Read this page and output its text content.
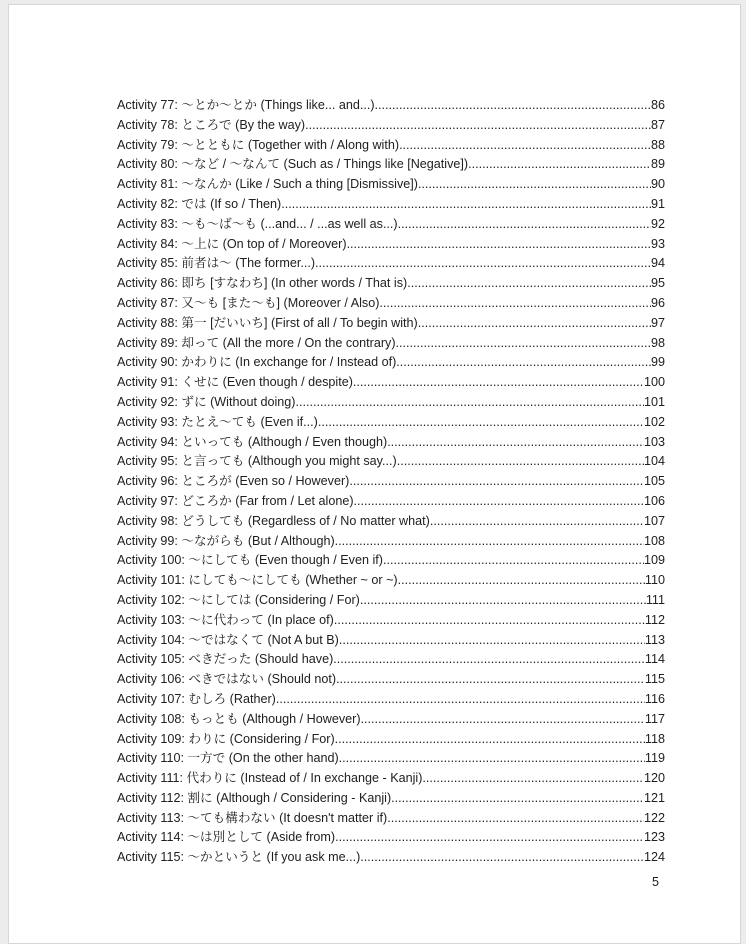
Activity 77: ～とか～とか (Things like... and...) .....	86
Activity 78: ところで (By the way) .....	87
Activity 79: ～とともに (Together with / Along with) .....	88
Activity 80: ～など / ～なんて (Such as / Things like [Negative]) .....	89
Activity 81: ～なんか (Like / Such a thing [Dismissive]) .....	90
Activity 82: では (If so / Then) .....	91
Activity 83: ～も～ば～も (...and... / ...as well as...) .....	92
Activity 84: ～上に (On top of / Moreover) .....	93
Activity 85: 前者は～ (The former...) .....	94
Activity 86: 即ち [すなわち] (In other words / That is) .....	95
Activity 87: 又～も [また～も] (Moreover / Also) .....	96
Activity 88: 第一 [だいいち] (First of all / To begin with) .....	97
Activity 89: 却って (All the more / On the contrary) .....	98
Activity 90: かわりに (In exchange for / Instead of) .....	99
Activity 91: くせに (Even though / despite) .....	100
Activity 92: ずに (Without doing) .....	101
Activity 93: たとえ～ても (Even if...) .....	102
Activity 94: といっても (Although / Even though) .....	103
Activity 95: と言っても (Although you might say...) .....	104
Activity 96: ところが (Even so / However) .....	105
Activity 97: どころか (Far from / Let alone) .....	106
Activity 98: どうしても (Regardless of / No matter what) .....	107
Activity 99: ～ながらも (But / Although) .....	108
Activity 100: ～にしても (Even though / Even if) .....	109
Activity 101: にしても～にしても (Whether ~ or ~) .....	110
Activity 102: ～にしては (Considering / For) .....	111
Activity 103: ～に代わって (In place of) .....	112
Activity 104: ～ではなくて (Not A but B) .....	113
Activity 105: べきだった (Should have) .....	114
Activity 106: べきではない (Should not) .....	115
Activity 107: むしろ (Rather) .....	116
Activity 108: もっとも (Although / However) .....	117
Activity 109: わりに (Considering / For) .....	118
Activity 110: 一方で (On the other hand) .....	119
Activity 111: 代わりに (Instead of / In exchange - Kanji) .....	120
Activity 112: 割に (Although / Considering - Kanji) .....	121
Activity 113: ～ても構わない (It doesn't matter if) .....	122
Activity 114: ～は別として (Aside from) .....	123
Activity 115: ～かというと (If you ask me...) .....	124
5
